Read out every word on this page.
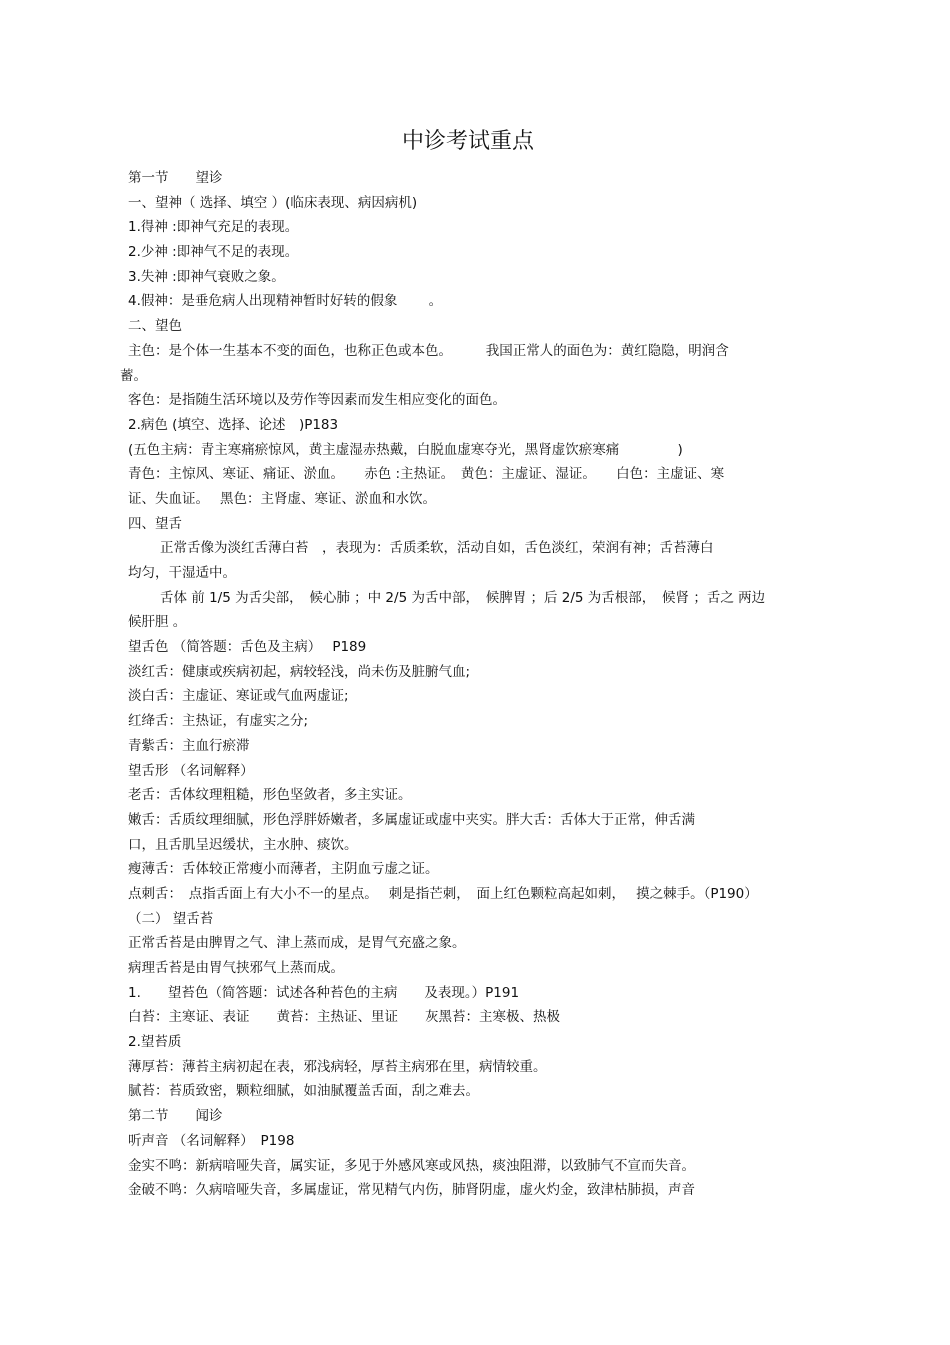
中诊考试重点
第一节　　望诊
一、望神（ 选择、填空 ）(临床表现、病因病机)
1.得神 :即神气充足的表现。
2.少神 :即神气不足的表现。
3.失神 :即神气衰败之象。
4.假神：是垂危病人出现精神暂时好转的假象　　 。
二、望色
主色：是个体一生基本不变的面色，也称正色或本色。　　　我国正常人的面色为：黄红隐隐，明润含
蓄。
客色：是指随生活环境以及劳作等因素而发生相应变化的面色。
2.病色 (填空、选择、论述　)P183
(五色主病：青主寒痛瘀惊风，黄主虚湿赤热戴，白脱血虚寒夺光，黑肾虚饮瘀寒痛　　　　 )
青色：主惊风、寒证、痛证、淤血。　　赤色 :主热证。　黄色：主虚证、湿证。　　白色：主虚证、寒
证、失血证。　 黑色：主肾虚、寒证、淤血和水饮。
四、望舌
正常舌像为淡红舌薄白苔　，表现为：舌质柔软，活动自如，舌色淡红，荣润有神；舌苔薄白
均匀，干湿适中。
舌体 前 1/5 为舌尖部，　候心肺 ；中 2/5 为舌中部，　候脾胃 ；后 2/5 为舌根部，　候肾 ；舌之 两边
候肝胆 。
望舌色 （简答题：舌色及主病）　 P189
淡红舌：健康或疾病初起，病较轻浅，尚未伤及脏腑气血;
淡白舌：主虚证、寒证或气血两虚证;
红绛舌：主热证，有虚实之分;
青紫舌：主血行瘀滞
望舌形 （名词解释）
老舌：舌体纹理粗糙，形色坚敛者，多主实证。
嫩舌：舌质纹理细腻，形色浮胖娇嫩者，多属虚证或虚中夹实。胖大舌：舌体大于正常，伸舌满
口，且舌肌呈迟缓状，主水肿、痰饮。
瘦薄舌：舌体较正常瘦小而薄者，主阴血亏虚之证。
点刺舌：　点指舌面上有大小不一的星点。　 刺是指芒刺，　面上红色颗粒高起如刺，　 摸之棘手。（P190）
（二） 望舌苔
正常舌苔是由脾胃之气、津上蒸而成，是胃气充盛之象。
病理舌苔是由胃气挟邪气上蒸而成。
1.　　望苔色（简答题：试述各种苔色的主病　　及表现。）P191
白苔：主寒证、表证　　黄苔：主热证、里证　　灰黑苔：主寒极、热极
2.望苔质
薄厚苔：薄苔主病初起在表，邪浅病轻，厚苔主病邪在里，病情较重。
腻苔：苔质致密，颗粒细腻，如油腻覆盖舌面，刮之难去。
第二节　　闻诊
听声音 （名词解释）　P198
金实不鸣：新病喑哑失音，属实证，多见于外感风寒或风热，痰浊阻滞，以致肺气不宣而失音。
金破不鸣：久病喑哑失音，多属虚证，常见精气内伤，肺肾阴虚，虚火灼金，致津枯肺损，声音
